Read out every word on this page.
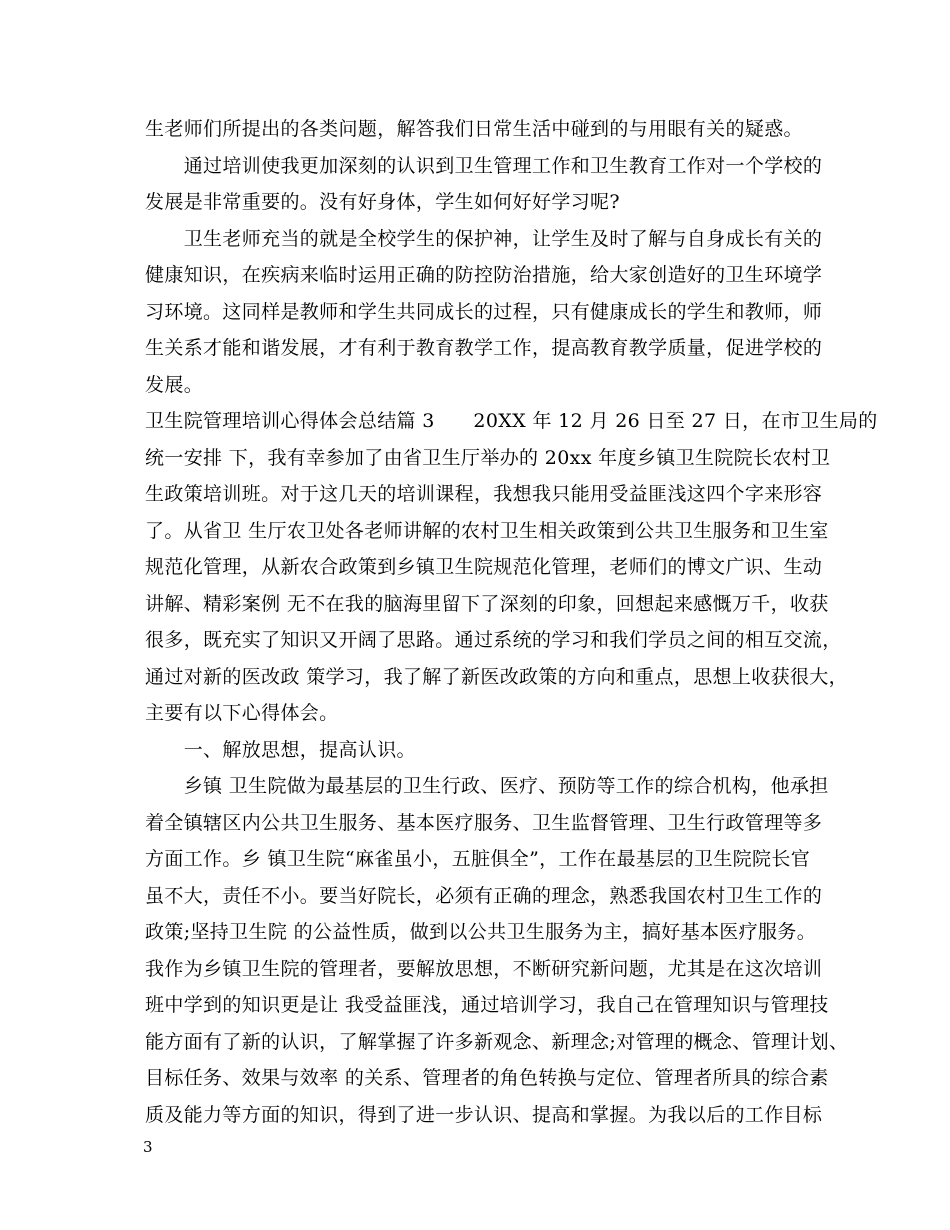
生老师们所提出的各类问题，解答我们日常生活中碰到的与用眼有关的疑惑。
　　通过培训使我更加深刻的认识到卫生管理工作和卫生教育工作对一个学校的
发展是非常重要的。没有好身体，学生如何好好学习呢?
　　卫生老师充当的就是全校学生的保护神，让学生及时了解与自身成长有关的
健康知识，在疾病来临时运用正确的防控防治措施，给大家创造好的卫生环境学
习环境。这同样是教师和学生共同成长的过程，只有健康成长的学生和教师，师
生关系才能和谐发展，才有利于教育教学工作，提高教育教学质量，促进学校的
发展。
卫生院管理培训心得体会总结篇 3　　20XX 年 12 月 26 日至 27 日，在市卫生局的
统一安排 下，我有幸参加了由省卫生厅举办的 20xx 年度乡镇卫生院院长农村卫
生政策培训班。对于这几天的培训课程，我想我只能用受益匪浅这四个字来形容
了。从省卫 生厅农卫处各老师讲解的农村卫生相关政策到公共卫生服务和卫生室
规范化管理，从新农合政策到乡镇卫生院规范化管理，老师们的博文广识、生动
讲解、精彩案例 无不在我的脑海里留下了深刻的印象，回想起来感慨万千，收获
很多，既充实了知识又开阔了思路。通过系统的学习和我们学员之间的相互交流，
通过对新的医改政 策学习，我了解了新医改政策的方向和重点，思想上收获很大，
主要有以下心得体会。
　　一、解放思想，提高认识。
　　乡镇 卫生院做为最基层的卫生行政、医疗、预防等工作的综合机构，他承担
着全镇辖区内公共卫生服务、基本医疗服务、卫生监督管理、卫生行政管理等多
方面工作。乡 镇卫生院“麻雀虽小，五脏俱全”，工作在最基层的卫生院院长官
虽不大，责任不小。要当好院长，必须有正确的理念，熟悉我国农村卫生工作的
政策;坚持卫生院 的公益性质，做到以公共卫生服务为主，搞好基本医疗服务。
我作为乡镇卫生院的管理者，要解放思想，不断研究新问题，尤其是在这次培训
班中学到的知识更是让 我受益匪浅，通过培训学习，我自己在管理知识与管理技
能方面有了新的认识，了解掌握了许多新观念、新理念;对管理的概念、管理计划、
目标任务、效果与效率 的关系、管理者的角色转换与定位、管理者所具的综合素
质及能力等方面的知识，得到了进一步认识、提高和掌握。为我以后的工作目标
3
